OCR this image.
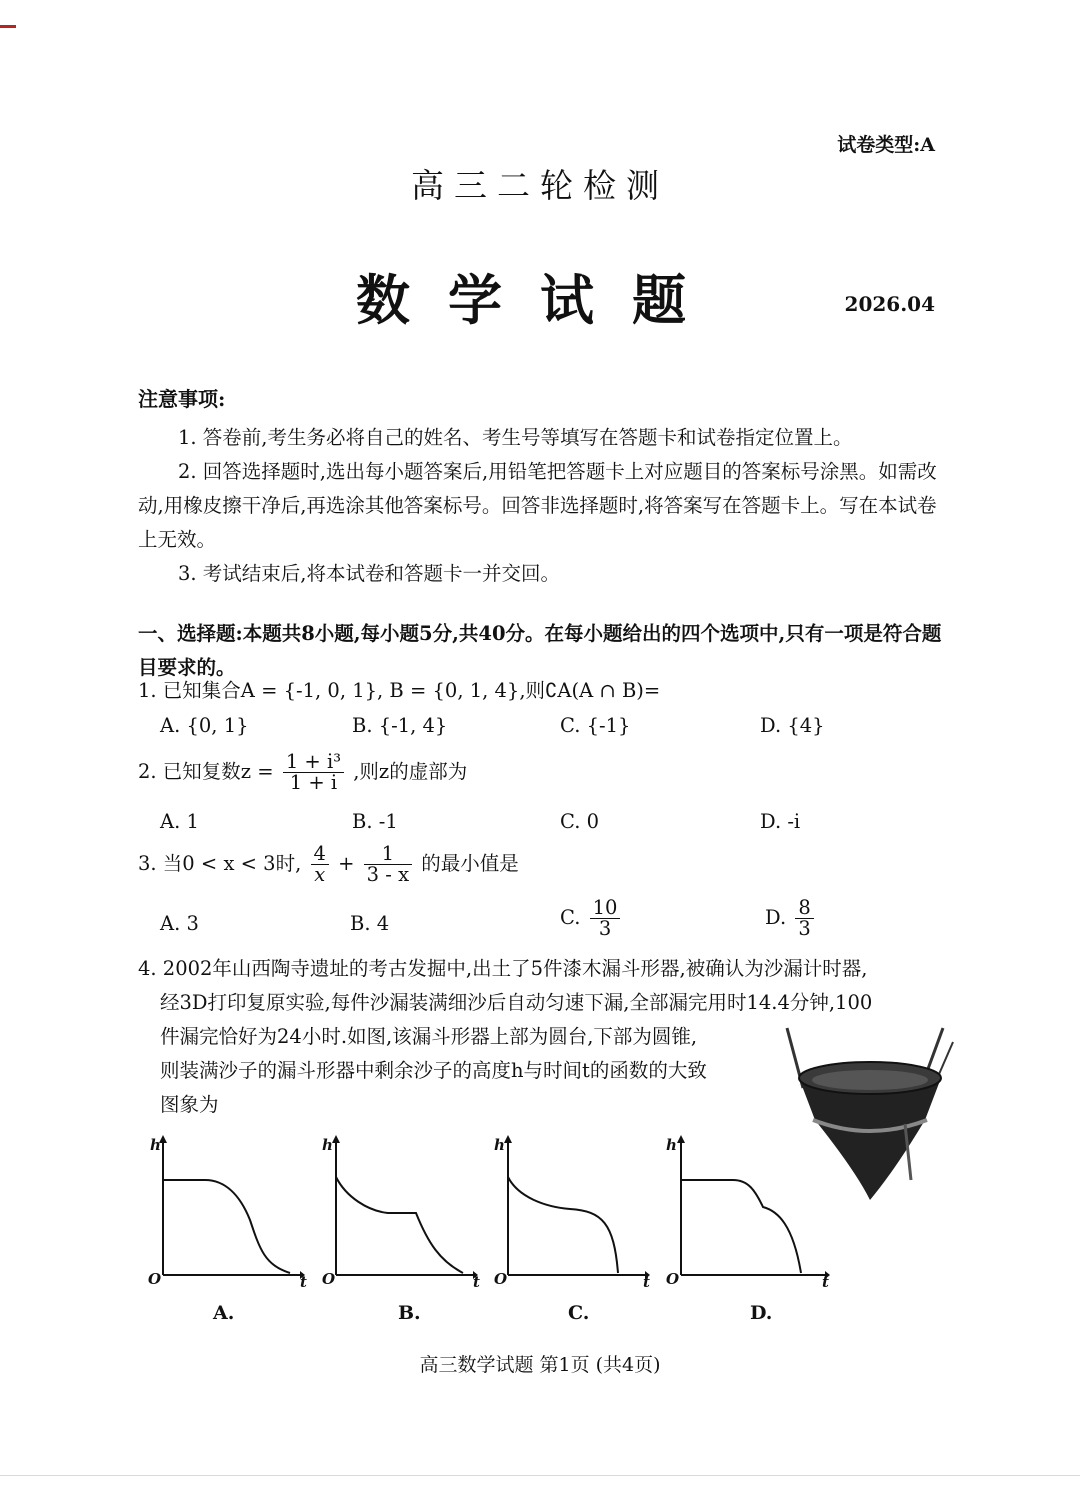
试卷类型:A
高三二轮检测
数学试题	2026.04
注意事项:
1. 答卷前,考生务必将自己的姓名、考生号等填写在答题卡和试卷指定位置上。
2. 回答选择题时,选出每小题答案后,用铅笔把答题卡上对应题目的答案标号涂黑。如需改动,用橡皮擦干净后,再选涂其他答案标号。回答非选择题时,将答案写在答题卡上。写在本试卷上无效。
3. 考试结束后,将本试卷和答题卡一并交回。
一、选择题:本题共8小题,每小题5分,共40分。在每小题给出的四个选项中,只有一项是符合题目要求的。
1. 已知集合A = {-1, 0, 1}, B = {0, 1, 4},则∁A(A ∩ B)=
A. {0, 1}	B. {-1, 4}	C. {-1}	D. {4}
2. 已知复数$z = \frac{\text{1 + i³}}{1 + i}$ ,则z的虚部为
A. 1	B. -1	C. 0	D. -i
3. 当0 < x < 3时, $\frac{4}{x} + \frac{1}{3 - x}$ 的最小值是
A. 3	B. 4	C. $\frac{10}{3}$	D. $\frac{8}{3}$
4. 2002年山西陶寺遗址的考古发掘中,出土了5件漆木漏斗形器,被确认为沙漏计时器,
经3D打印复原实验,每件沙漏装满细沙后自动匀速下漏,全部漏完用时14.4分钟,100
件漏完恰好为24小时.如图,该漏斗形器上部为圆台,下部为圆锥,
则装满沙子的漏斗形器中剩余沙子的高度h与时间t的函数的大致
图象为
h
t
O
A.
h
t
O
B.
h
t
O
C.
h
t
O
D.
高三数学试题 第1页 (共4页)
